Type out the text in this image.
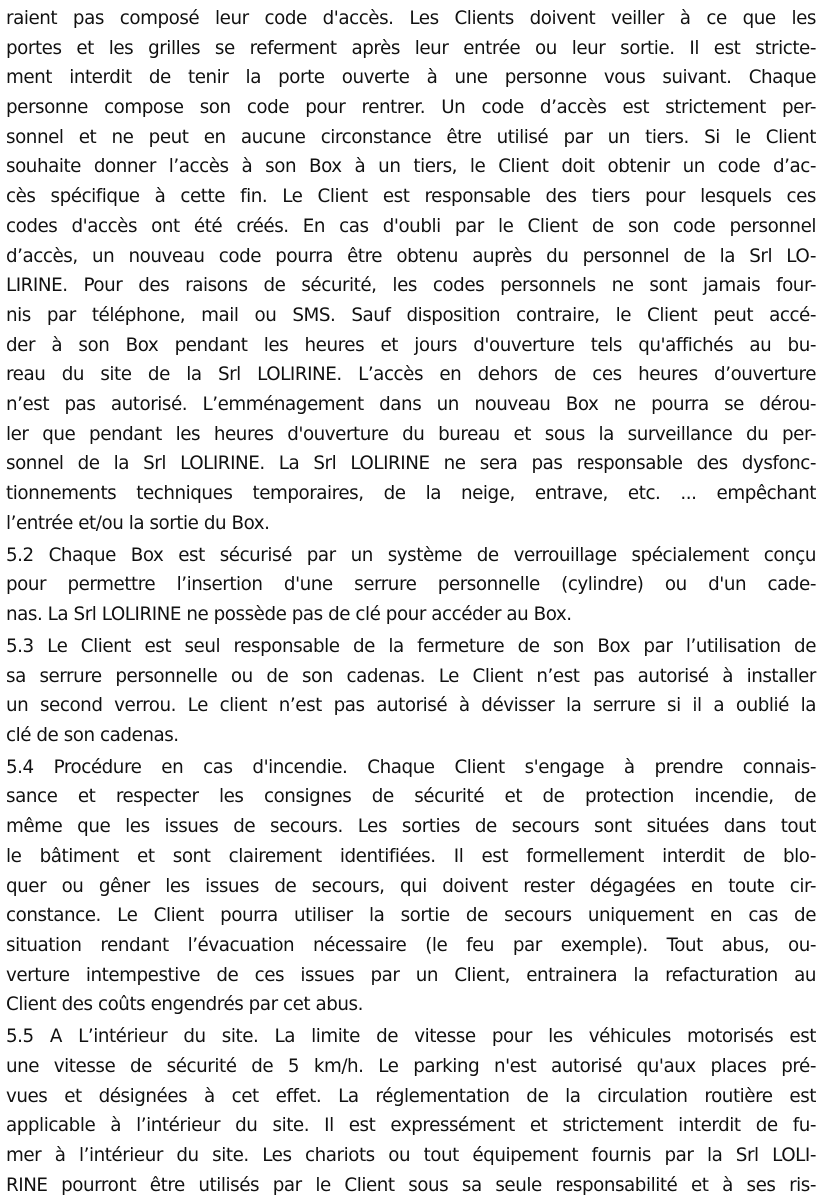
raient pas composé leur code d'accès. Les Clients doivent veiller à ce que les
portes et les grilles se referment après leur entrée ou leur sortie. Il est stricte-
ment interdit de tenir la porte ouverte à une personne vous suivant. Chaque
personne compose son code pour rentrer. Un code d’accès est strictement per-
sonnel et ne peut en aucune circonstance être utilisé par un tiers. Si le Client
souhaite donner l’accès à son Box à un tiers, le Client doit obtenir un code d’ac-
cès spécifique à cette fin. Le Client est responsable des tiers pour lesquels ces
codes d'accès ont été créés. En cas d'oubli par le Client de son code personnel
d’accès, un nouveau code pourra être obtenu auprès du personnel de la Srl LO-
LIRINE. Pour des raisons de sécurité, les codes personnels ne sont jamais four-
nis par téléphone, mail ou SMS. Sauf disposition contraire, le Client peut accé-
der à son Box pendant les heures et jours d'ouverture tels qu'affichés au bu-
reau du site de la Srl LOLIRINE. L’accès en dehors de ces heures d’ouverture
n’est pas autorisé. L’emménagement dans un nouveau Box ne pourra se dérou-
ler que pendant les heures d'ouverture du bureau et sous la surveillance du per-
sonnel de la Srl LOLIRINE. La Srl LOLIRINE ne sera pas responsable des dysfonc-
tionnements techniques temporaires, de la neige, entrave, etc. ... empêchant
l’entrée et/ou la sortie du Box.
5.2 Chaque Box est sécurisé par un système de verrouillage spécialement conçu
pour permettre l’insertion d'une serrure personnelle (cylindre) ou d'un cade-
nas. La Srl LOLIRINE ne possède pas de clé pour accéder au Box.
5.3 Le Client est seul responsable de la fermeture de son Box par l’utilisation de
sa serrure personnelle ou de son cadenas. Le Client n’est pas autorisé à installer
un second verrou. Le client n’est pas autorisé à dévisser la serrure si il a oublié la
clé de son cadenas.
5.4 Procédure en cas d'incendie. Chaque Client s'engage à prendre connais-
sance et respecter les consignes de sécurité et de protection incendie, de
même que les issues de secours. Les sorties de secours sont situées dans tout
le bâtiment et sont clairement identifiées. Il est formellement interdit de blo-
quer ou gêner les issues de secours, qui doivent rester dégagées en toute cir-
constance. Le Client pourra utiliser la sortie de secours uniquement en cas de
situation rendant l’évacuation nécessaire (le feu par exemple). Tout abus, ou-
verture intempestive de ces issues par un Client, entrainera la refacturation au
Client des coûts engendrés par cet abus.
5.5 A L’intérieur du site. La limite de vitesse pour les véhicules motorisés est
une vitesse de sécurité de 5 km/h. Le parking n'est autorisé qu'aux places pré-
vues et désignées à cet effet. La réglementation de la circulation routière est
applicable à l’intérieur du site. Il est expressément et strictement interdit de fu-
mer à l’intérieur du site. Les chariots ou tout équipement fournis par la Srl LOLI-
RINE pourront être utilisés par le Client sous sa seule responsabilité et à ses ris-
